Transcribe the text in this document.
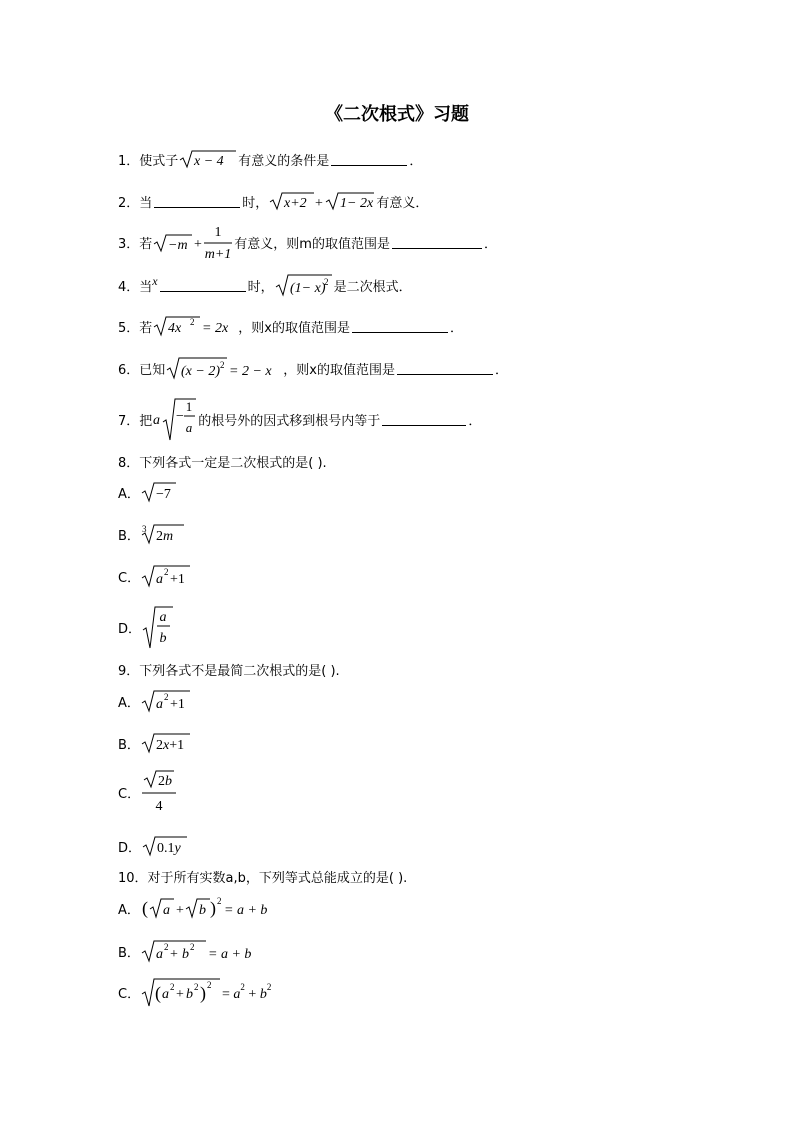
《二次根式》习题
1． 使式子 x − 4 有意义的条件是	．
2． 当	时， x+2 + 1− 2x 有意义．
3． 若 −m +
1
m+1
有意义，则m的取值范围是	．
4． 当 x	时， (1− x)
2 是二次根式．
5． 若 4x 2 = 2x ，则x的取值范围是	．
6． 已知 (x − 2) 2 = 2 − x ，则x的取值范围是	．
7． 把 a −
1
a 的根号外的因式移到根号内等于	．
8．下列各式一定是二次根式的是( ).
A． −7
B． 3 2m
C． a 2 +1
D．
a
b
9．下列各式不是最简二次根式的是( ).
A． a 2 +1
B． 2x+1
C．
2b
4
D． 0.1y
10．对于所有实数a,b，下列等式总能成立的是( ).
A． ( a + b ) 2
= a + b
B． a 2 + b 2 = a + b
C． ( a 2 + b 2 ) 2
= $a^2 + b^2$
